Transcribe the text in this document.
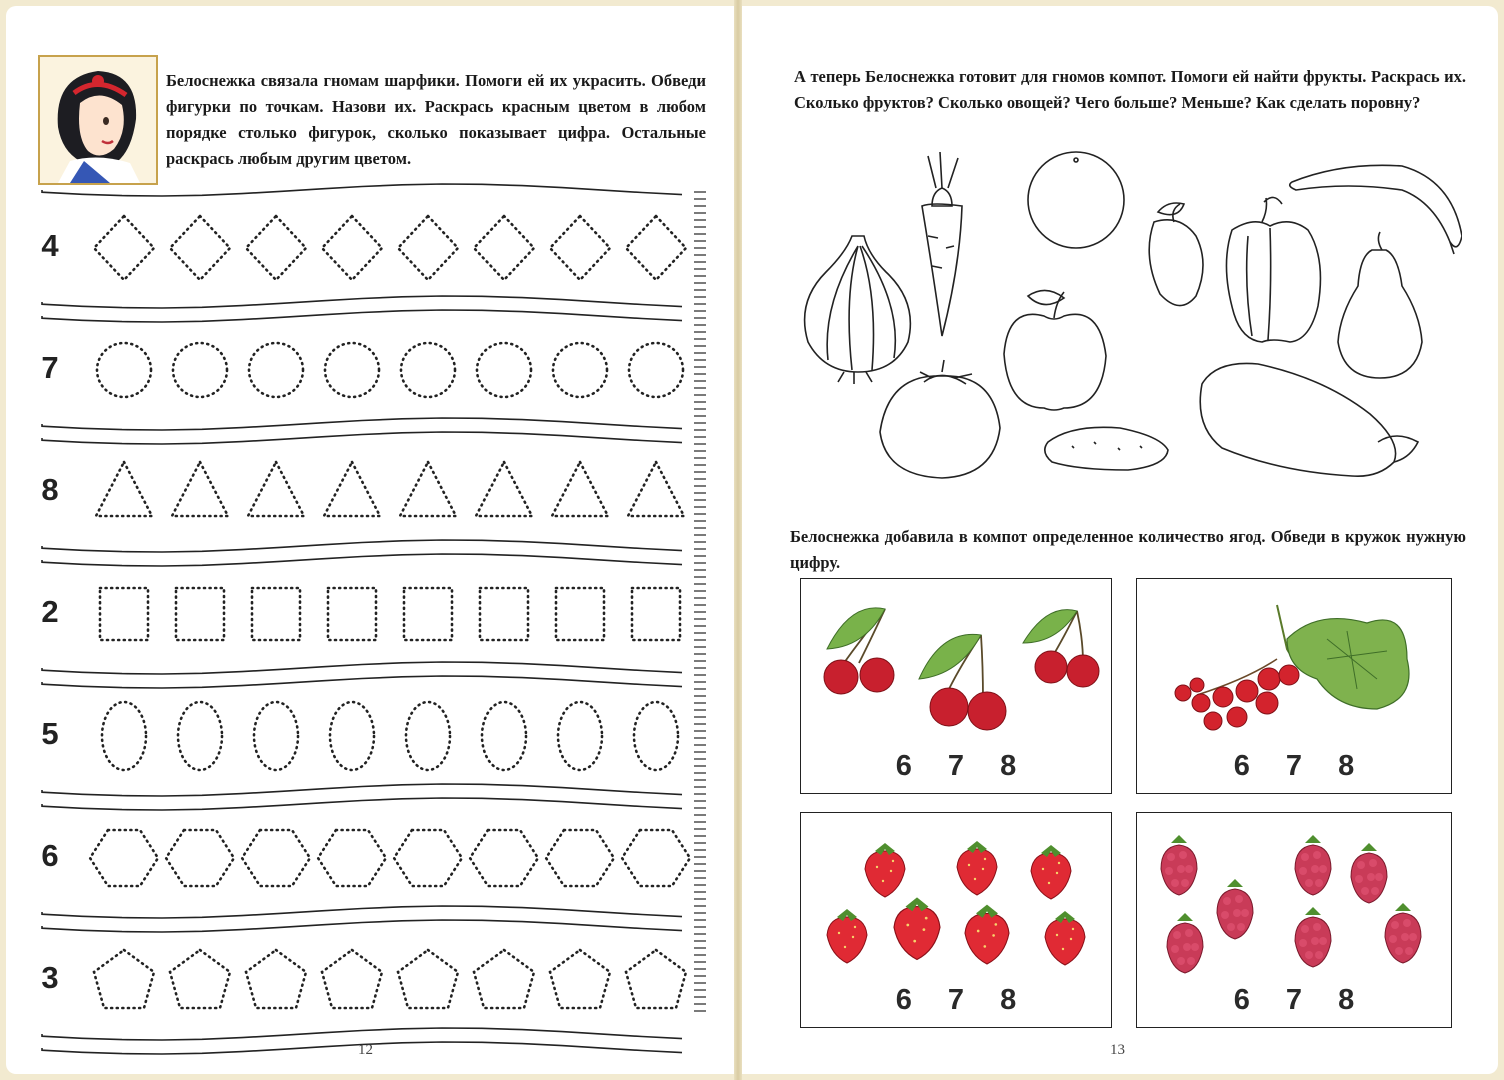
Белоснежка связала гномам шарфики. Помоги ей их украсить. Обведи фигурки по точкам. Назови их. Раскрась красным цветом в любом порядке столько фигурок, сколько показывает цифра. Остальные раскрась любым другим цветом.

4
7
8
2
5
6
3
12

А теперь Белоснежка готовит для гномов компот. Помоги ей найти фрукты. Раскрась их. Сколько фруктов? Сколько овощей? Чего больше? Меньше? Как сделать поровну?

Белоснежка добавила в компот определенное количество ягод. Обведи в кружок нужную цифру.

6 7 8	6 7 8
6 7 8	6 7 8
13
